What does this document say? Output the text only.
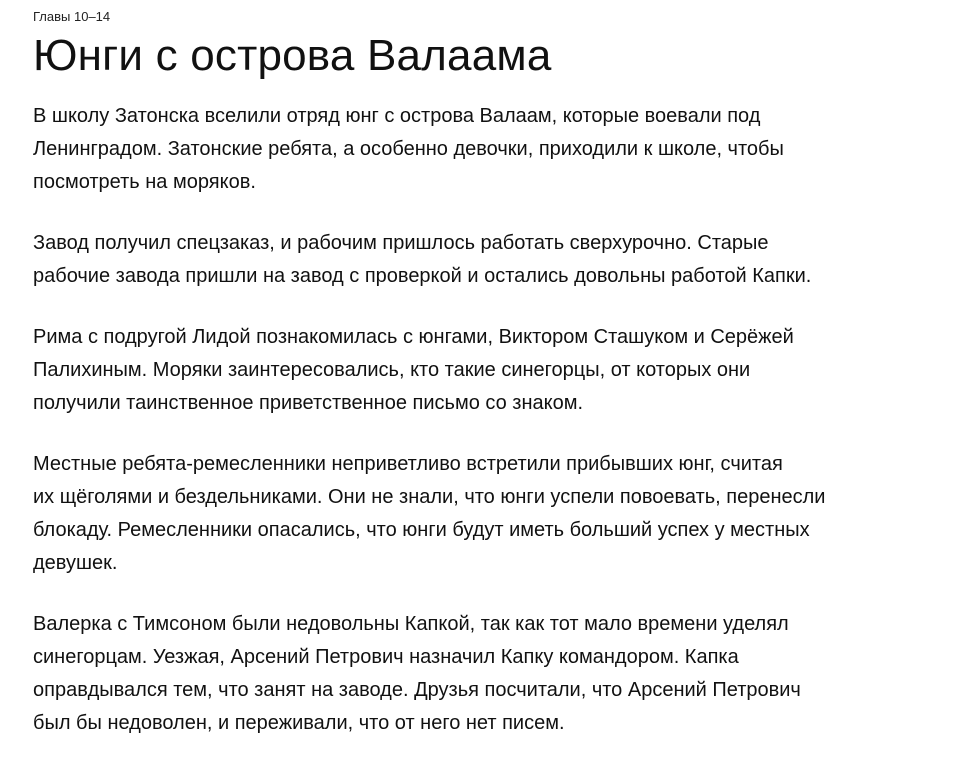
Главы 10–14
Юнги с острова Валаама

В школу Затонска вселили отряд юнг с острова Валаам, которые воевали под
Ленинградом. Затонские ребята, а особенно девочки, приходили к школе, чтобы
посмотреть на моряков.

Завод получил спецзаказ, и рабочим пришлось работать сверхурочно. Старые
рабочие завода пришли на завод с проверкой и остались довольны работой Капки.

Рима с подругой Лидой познакомилась с юнгами, Виктором Сташуком и Серёжей
Палихиным. Моряки заинтересовались, кто такие синегорцы, от которых они
получили таинственное приветственное письмо со знаком.

Местные ребята-ремесленники неприветливо встретили прибывших юнг, считая
их щёголями и бездельниками. Они не знали, что юнги успели повоевать, перенесли
блокаду. Ремесленники опасались, что юнги будут иметь больший успех у местных
девушек.

Валерка с Тимсоном были недовольны Капкой, так как тот мало времени уделял
синегорцам. Уезжая, Арсений Петрович назначил Капку командором. Капка
оправдывался тем, что занят на заводе. Друзья посчитали, что Арсений Петрович
был бы недоволен, и переживали, что от него нет писем.
